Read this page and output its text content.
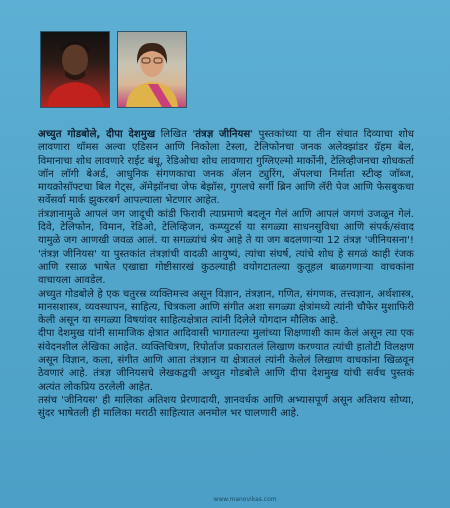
अच्युत गोडबोले, दीपा देशमुख लिखित 'तंत्रज्ञ जीनियस' पुस्तकांच्या या तीन संचात दिव्याचा शोध लावणारा थॉमस अल्वा एडिसन आणि निकोला टेस्ला, टेलिफोनचा जनक अलेक्झांडर ग्रॅहम बेल, विमानाचा शोध लावणारे राईट बंधू, रेडिओचा शोध लावणारा गुग्लिएल्मो मार्कोनी, टेलिव्हीजनचा शोधकर्ता जॉन लॉगी बेअर्ड, आधुनिक संगणकाचा जनक ॲलन ट्युरिंग, ॲपलचा निर्माता स्टीव्ह जॉब्ज, मायक्रोसॉफ्टचा बिल गेट्स, ॲमेझॉनचा जेफ बेझॉस, गुगलचे सर्गी ब्रिन आणि लॅरी पेज आणि फेसबुकचा सर्वेसर्वा मार्क झुकरबर्ग आपल्याला भेटणार आहेत.

तंत्रज्ञानामुळे आपलं जग जादूची कांडी फिरावी त्याप्रमाणे बदलून गेलं आणि आपलं जगणं उजळून गेलं. दिवे, टेलिफोन, विमान, रेडिओ, टेलिव्हिजन, कम्प्युटर्स या सगळ्या साधनसुविधा आणि संपर्क/संवाद यामुळे जग आणखी जवळ आलं. या सगळ्यांचं श्रेय आहे ते या जग बदलणाऱ्या 12 तंत्रज्ञ 'जीनियसना'! 'तंत्रज्ञ जीनियस' या पुस्तकांत तंत्रज्ञांची वादळी आयुष्यं, त्यांचा संघर्ष, त्यांचे शोध हे सगळं काही रंजक आणि रसाळ भाषेत एखाद्या गोष्टीसारखं कुठल्याही वयोगटातल्या कुतूहल बाळगणाऱ्या वाचकांना वाचायला आवडेल.

अच्युत गोडबोले हे एक चतुरस्र व्यक्तिमत्त्व असून विज्ञान, तंत्रज्ञान, गणित, संगणक, तत्त्वज्ञान, अर्थशास्त्र, मानसशास्त्र, व्यवस्थापन, साहित्य, चित्रकला आणि संगीत अशा सगळ्या क्षेत्रांमध्ये त्यांनी चौफेर मुशाफिरी केली असून या सगळ्या विषयांवर साहित्यक्षेत्रात त्यांनी दिलेले योगदान मौलिक आहे.

दीपा देशमुख यांनी सामाजिक क्षेत्रात आदिवासी भागातल्या मुलांच्या शिक्षणाशी काम केलं असून त्या एक संवेदनशील लेखिका आहेत. व्यक्तिचित्रण, रिपोर्ताज प्रकारातलं लिखाण करण्यात त्यांची हातोटी विलक्षण असून विज्ञान, कला, संगीत आणि आता तंत्रज्ञान या क्षेत्रातलं त्यांनी केलेलं लिखाण वाचकांना खिळवून ठेवणारं आहे. तंत्रज्ञ जीनियसचे लेखकद्वयी अच्युत गोडबोले आणि दीपा देशमुख यांची सर्वच पुस्तकं अत्यंत लोकप्रिय ठरलेली आहेत.

तसंच 'जीनियस' ही मालिका अतिशय प्रेरणादायी, ज्ञानवर्धक आणि अभ्यासपूर्ण असून अतिशय सोप्या, सुंदर भाषेतली ही मालिका मराठी साहित्यात अनमोल भर घालणारी आहे.

www.manovikas.com
